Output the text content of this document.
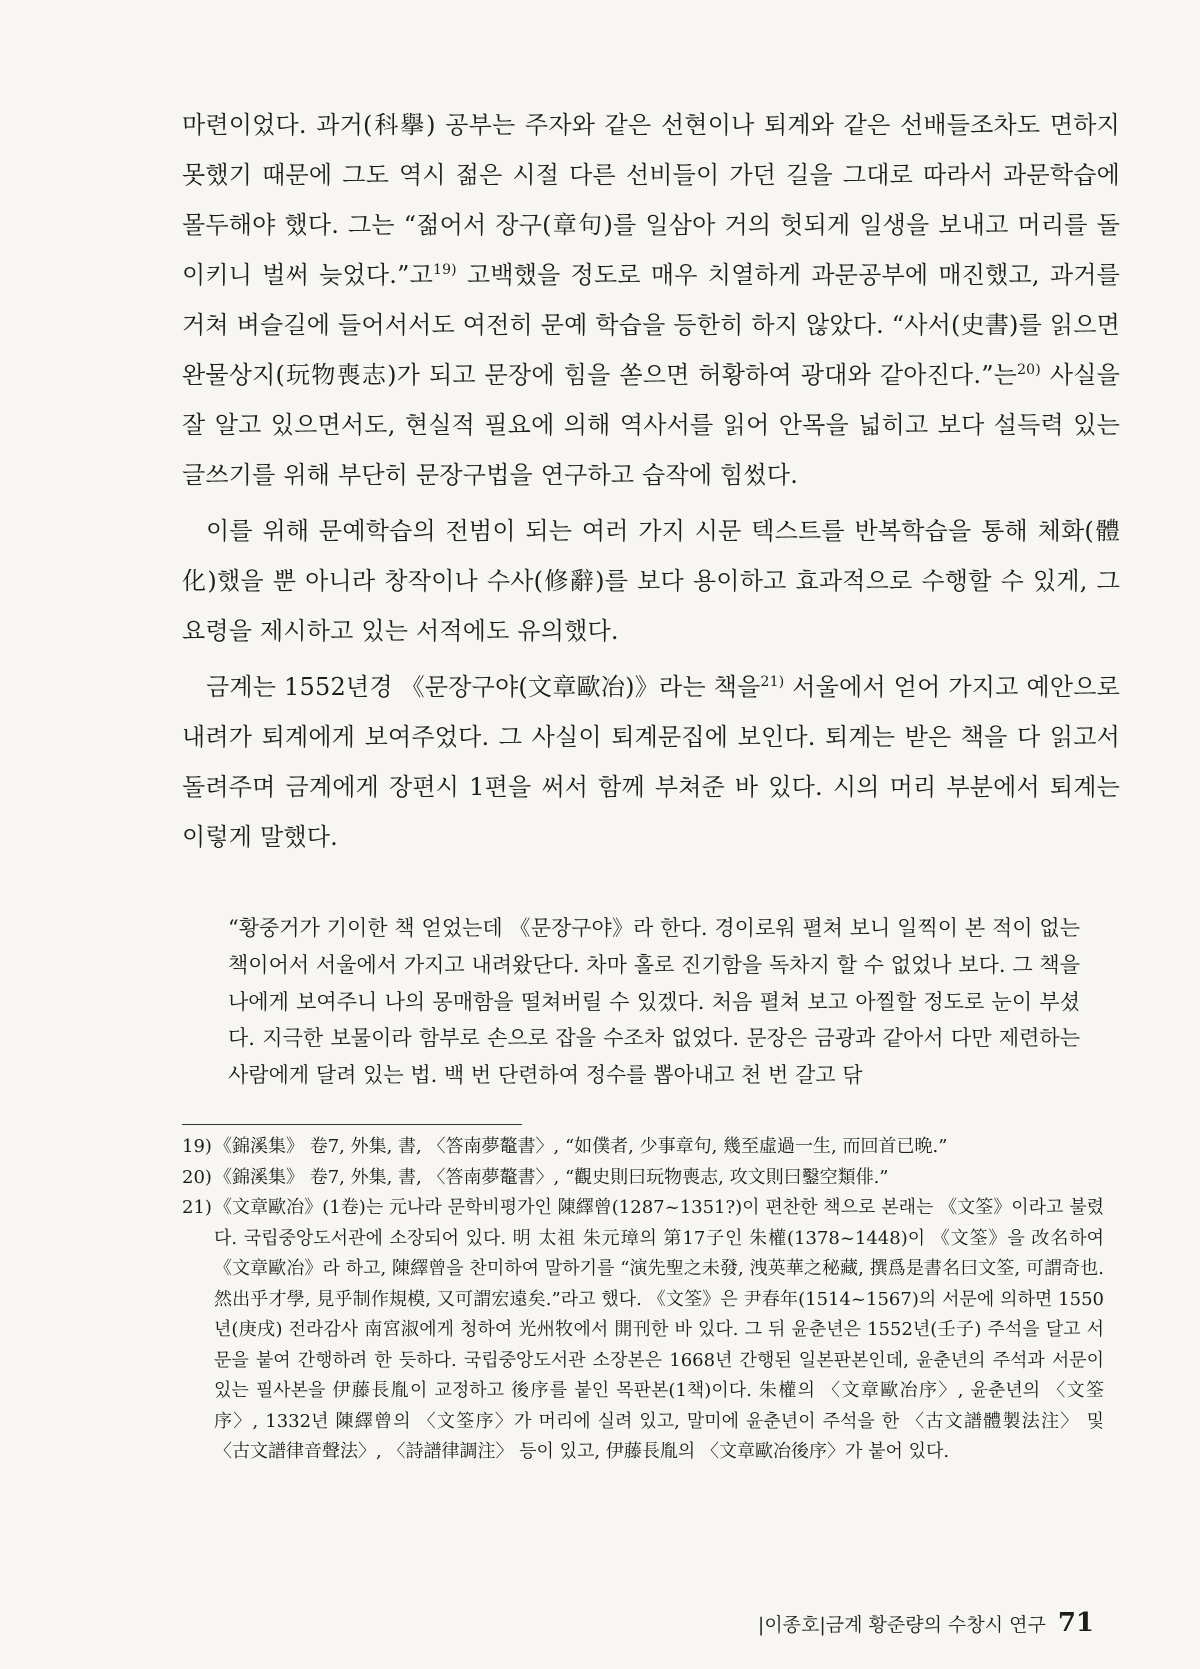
마련이었다. 과거(科擧) 공부는 주자와 같은 선현이나 퇴계와 같은 선배들조차도 면하지 못했기 때문에 그도 역시 젊은 시절 다른 선비들이 가던 길을 그대로 따라서 과문학습에 몰두해야 했다. 그는 “젊어서 장구(章句)를 일삼아 거의 헛되게 일생을 보내고 머리를 돌이키니 벌써 늦었다.”고$^{19)}$ 고백했을 정도로 매우 치열하게 과문공부에 매진했고, 과거를 거쳐 벼슬길에 들어서서도 여전히 문예 학습을 등한히 하지 않았다. “사서(史書)를 읽으면 완물상지(玩物喪志)가 되고 문장에 힘을 쏟으면 허황하여 광대와 같아진다.”는$^{20)}$ 사실을 잘 알고 있으면서도, 현실적 필요에 의해 역사서를 읽어 안목을 넓히고 보다 설득력 있는 글쓰기를 위해 부단히 문장구법을 연구하고 습작에 힘썼다.

이를 위해 문예학습의 전범이 되는 여러 가지 시문 텍스트를 반복학습을 통해 체화(體化)했을 뿐 아니라 창작이나 수사(修辭)를 보다 용이하고 효과적으로 수행할 수 있게, 그 요령을 제시하고 있는 서적에도 유의했다.

금계는 1552년경 《문장구야(文章歐冶)》라는 책을$^{21)}$ 서울에서 얻어 가지고 예안으로 내려가 퇴계에게 보여주었다. 그 사실이 퇴계문집에 보인다. 퇴계는 받은 책을 다 읽고서 돌려주며 금계에게 장편시 1편을 써서 함께 부쳐준 바 있다. 시의 머리 부분에서 퇴계는 이렇게 말했다.

“황중거가 기이한 책 얻었는데 《문장구야》라 한다. 경이로워 펼쳐 보니 일찍이 본 적이 없는 책이어서 서울에서 가지고 내려왔단다. 차마 홀로 진기함을 독차지 할 수 없었나 보다. 그 책을 나에게 보여주니 나의 몽매함을 떨쳐버릴 수 있겠다. 처음 펼쳐 보고 아찔할 정도로 눈이 부셨다. 지극한 보물이라 함부로 손으로 잡을 수조차 없었다. 문장은 금광과 같아서 다만 제련하는 사람에게 달려 있는 법. 백 번 단련하여 정수를 뽑아내고 천 번 갈고 닦

19) 《錦溪集》 卷7, 外集, 書, 〈答南夢鼇書〉, “如僕者, 少事章句, 幾至虛過一生, 而回首已晩.”
20) 《錦溪集》 卷7, 外集, 書, 〈答南夢鼇書〉, “觀史則曰玩物喪志, 攻文則曰鑿空類俳.”
21) 《文章歐冶》(1卷)는 元나라 문학비평가인 陳繹曾(1287~1351?)이 편찬한 책으로 본래는 《文筌》이라고 불렸다. 국립중앙도서관에 소장되어 있다. 明 太祖 朱元璋의 第17子인 朱權(1378~1448)이 《文筌》을 改名하여 《文章歐冶》라 하고, 陳繹曾을 찬미하여 말하기를 “演先聖之未發, 洩英華之秘藏, 撰爲是書名曰文筌, 可謂奇也. 然出乎才學, 見乎制作規模, 又可謂宏遠矣.”라고 했다. 《文筌》은 尹春年(1514~1567)의 서문에 의하면 1550년(庚戌) 전라감사 南宮淑에게 청하여 光州牧에서 開刊한 바 있다. 그 뒤 윤춘년은 1552년(壬子) 주석을 달고 서문을 붙여 간행하려 한 듯하다. 국립중앙도서관 소장본은 1668년 간행된 일본판본인데, 윤춘년의 주석과 서문이 있는 필사본을 伊藤長胤이 교정하고 後序를 붙인 목판본(1책)이다. 朱權의 〈文章歐冶序〉, 윤춘년의 〈文筌序〉, 1332년 陳繹曾의 〈文筌序〉가 머리에 실려 있고, 말미에 윤춘년이 주석을 한 〈古文譜體製法注〉 및 〈古文譜律音聲法〉, 〈詩譜律調注〉 등이 있고, 伊藤長胤의 〈文章歐冶後序〉가 붙어 있다.
|이종호|금계 황준량의 수창시 연구 71
